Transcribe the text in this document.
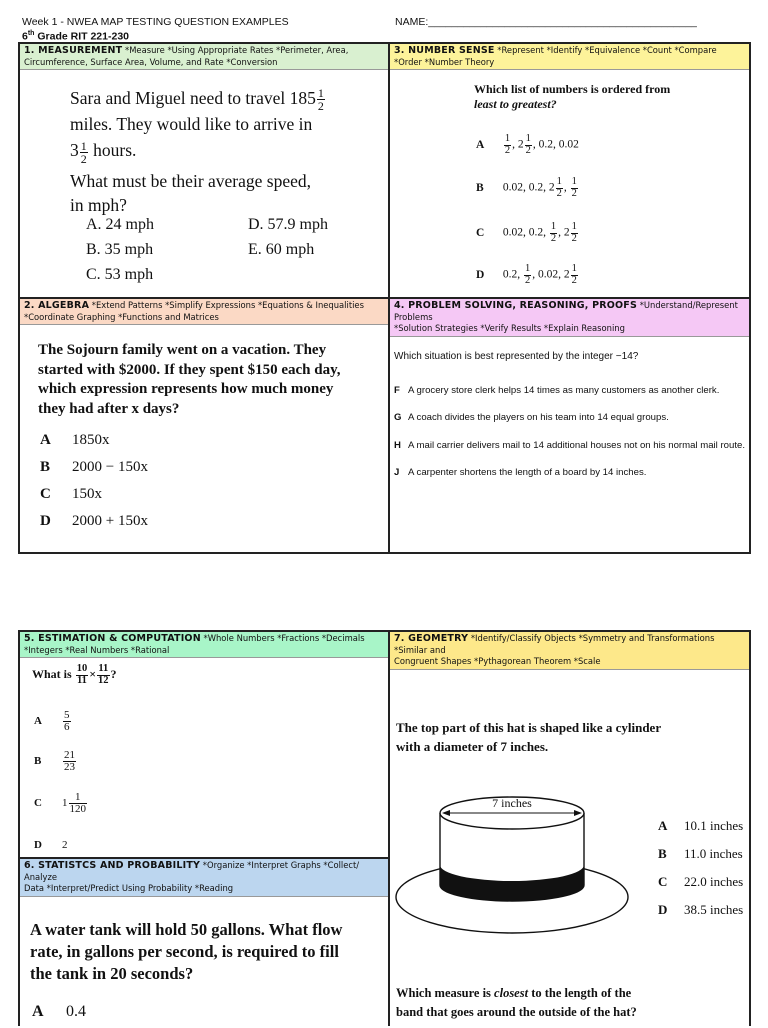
Week 1 - NWEA MAP TESTING QUESTION EXAMPLES
6th Grade RIT 221-230
NAME:______________________________________________
1. MEASUREMENT *Measure *Using Appropriate Rates *Perimeter, Area,
Circumference, Surface Area, Volume, and Rate *Conversion
Sara and Miguel need to travel $185 \frac{1}{2}$
miles. They would like to arrive in
$3 \frac{1}{2}$ hours.
What must be their average speed,
in mph?
A. 24 mph
B. 35 mph
C. 53 mph
D. 57.9 mph
E. 60 mph
3. NUMBER SENSE *Represent *Identify *Equivalence *Count *Compare
*Order *Number Theory
Which list of numbers is ordered from
least to greatest?
A $\frac{1}{2}$ , $2 \frac{1}{2}$ , 0.2, 0.02
B 0.02, 0.2, $2 \frac{1}{2}$ , $\frac{1}{2}$
C 0.02, 0.2, $\frac{1}{2}$ , $2 \frac{1}{2}$
D 0.2, $\frac{1}{2}$ , 0.02, $2 \frac{1}{2}$
2. ALGEBRA *Extend Patterns *Simplify Expressions *Equations & Inequalities
*Coordinate Graphing *Functions and Matrices
The Sojourn family went on a vacation. They
started with $2000. If they spent $150 each day,
which expression represents how much money
they had after x days?
A 1850x
B 2000 − 150x
C 150x
D 2000 + 150x
4. PROBLEM SOLVING, REASONING, PROOFS *Understand/Represent Problems
*Solution Strategies *Verify Results *Explain Reasoning
Which situation is best represented by the integer −14?
F A grocery store clerk helps 14 times as many customers as another clerk.
G A coach divides the players on his team into 14 equal groups.
H A mail carrier delivers mail to 14 additional houses not on his normal mail route.
J A carpenter shortens the length of a board by 14 inches.
5. ESTIMATION & COMPUTATION *Whole Numbers *Fractions *Decimals
*Integers *Real Numbers *Rational
What is $\frac{10}{11} \times \frac{11}{12}$ ?
A $\frac{5}{6}$
B $\frac{21}{23}$
C $1 \frac{1}{120}$
D 2
6. STATISTCS AND PROBABILITY *Organize *Interpret Graphs *Collect/ Analyze
Data *Interpret/Predict Using Probability *Reading
A water tank will hold 50 gallons. What flow
rate, in gallons per second, is required to fill
the tank in 20 seconds?
A 0.4
7. GEOMETRY *Identify/Classify Objects *Symmetry and Transformations *Similar and
Congruent Shapes *Pythagorean Theorem *Scale
The top part of this hat is shaped like a cylinder
with a diameter of 7 inches.
7 inches
A 10.1 inches
B 11.0 inches
C 22.0 inches
D 38.5 inches
Which measure is closest to the length of the
band that goes around the outside of the hat?
